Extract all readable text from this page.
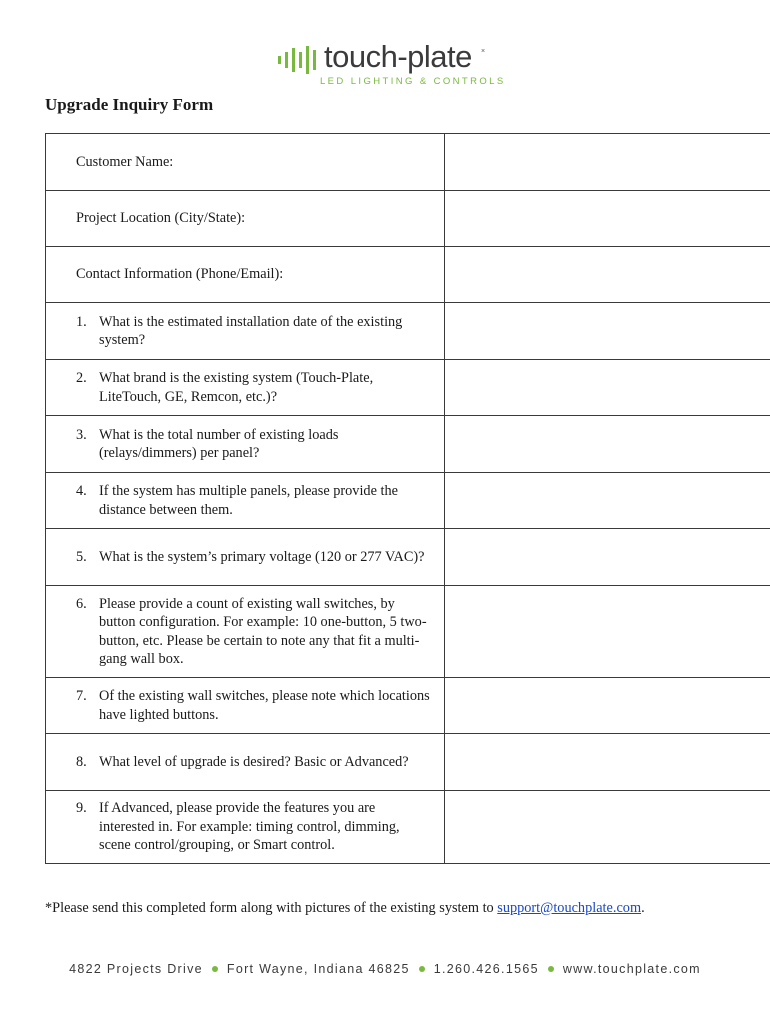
touch-plate ×
LED LIGHTING & CONTROLS
Upgrade Inquiry Form
Customer Name:	

Project Location (City/State):	

Contact Information (Phone/Email):	

1. What is the estimated installation date of the existing system?	

2. What brand is the existing system (Touch-Plate, LiteTouch, GE, Remcon, etc.)?	

3. What is the total number of existing loads (relays/dimmers) per panel?	

4. If the system has multiple panels, please provide the distance between them.	

5. What is the system’s primary voltage (120 or 277 VAC)?	

6. Please provide a count of existing wall switches, by button configuration. For example: 10 one-button, 5 two-button, etc. Please be certain to note any that fit a multi-gang wall box.	

7. Of the existing wall switches, please note which locations have lighted buttons.	

8. What level of upgrade is desired? Basic or Advanced?	

9. If Advanced, please provide the features you are interested in. For example: timing control, dimming, scene control/grouping, or Smart control.	

*Please send this completed form along with pictures of the existing system to support@touchplate.com.
4822 Projects Drive Fort Wayne, Indiana 46825 1.260.426.1565 www.touchplate.com
